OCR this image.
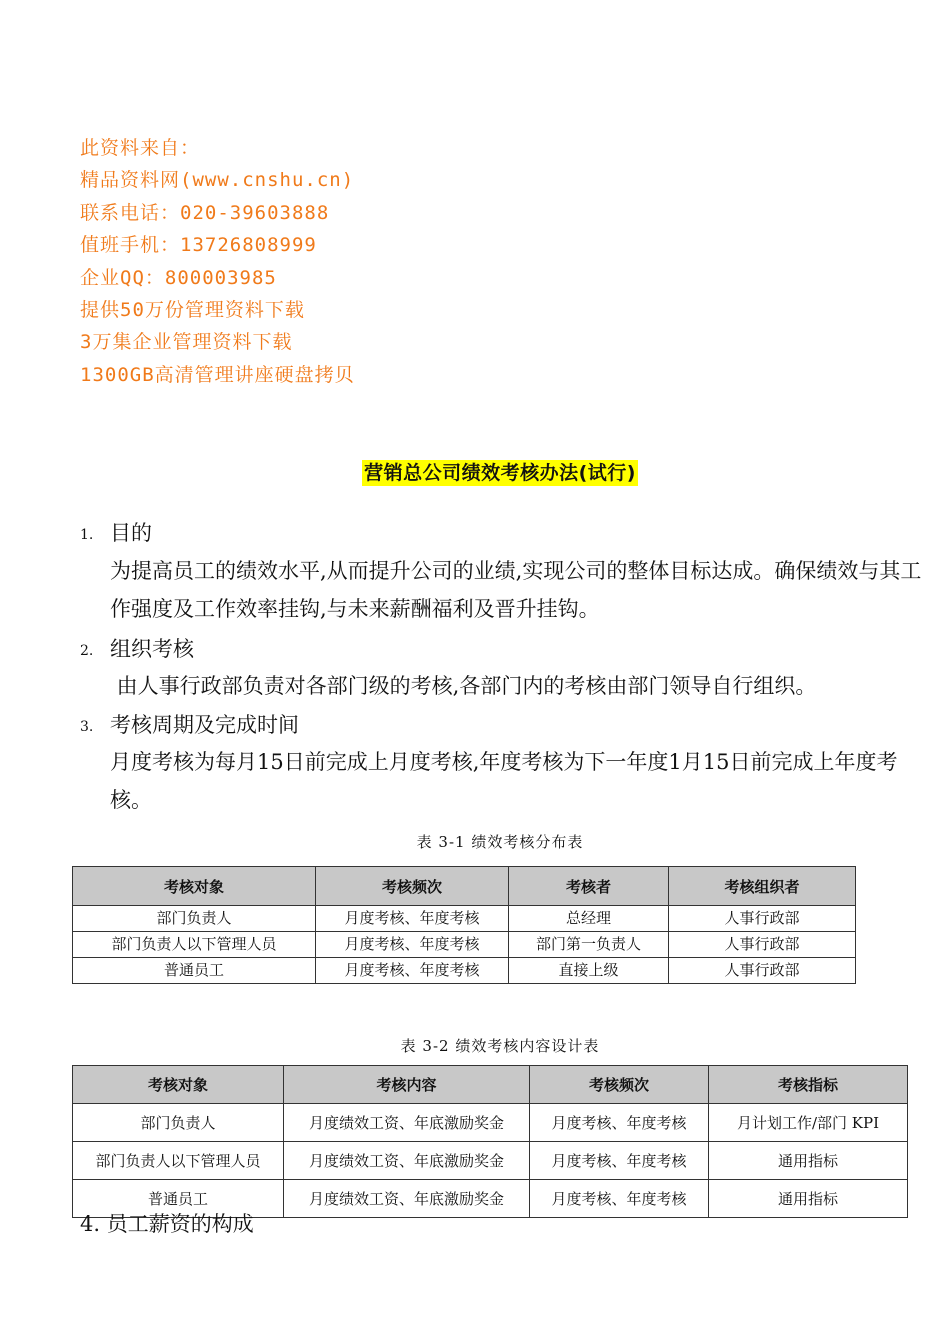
此资料来自：
精品资料网(www.cnshu.cn)
联系电话：020-39603888
值班手机：13726808999
企业QQ：800003985
提供50万份管理资料下载
3万集企业管理资料下载
1300GB高清管理讲座硬盘拷贝
营销总公司绩效考核办法(试行)
1. 目的
为提高员工的绩效水平,从而提升公司的业绩,实现公司的整体目标达成。确保绩效与其工作强度及工作效率挂钩,与未来薪酬福利及晋升挂钩。
2. 组织考核
由人事行政部负责对各部门级的考核,各部门内的考核由部门领导自行组织。
3. 考核周期及完成时间
月度考核为每月15日前完成上月度考核,年度考核为下一年度1月15日前完成上年度考核。
表 3-1 绩效考核分布表
考核对象	考核频次	考核者	考核组织者
部门负责人	月度考核、年度考核	总经理	人事行政部
部门负责人以下管理人员	月度考核、年度考核	部门第一负责人	人事行政部
普通员工	月度考核、年度考核	直接上级	人事行政部
表 3-2 绩效考核内容设计表
考核对象	考核内容	考核频次	考核指标
部门负责人	月度绩效工资、年底激励奖金	月度考核、年度考核	月计划工作/部门 KPI
部门负责人以下管理人员	月度绩效工资、年底激励奖金	月度考核、年度考核	通用指标
普通员工	月度绩效工资、年底激励奖金	月度考核、年度考核	通用指标
4. 员工薪资的构成
